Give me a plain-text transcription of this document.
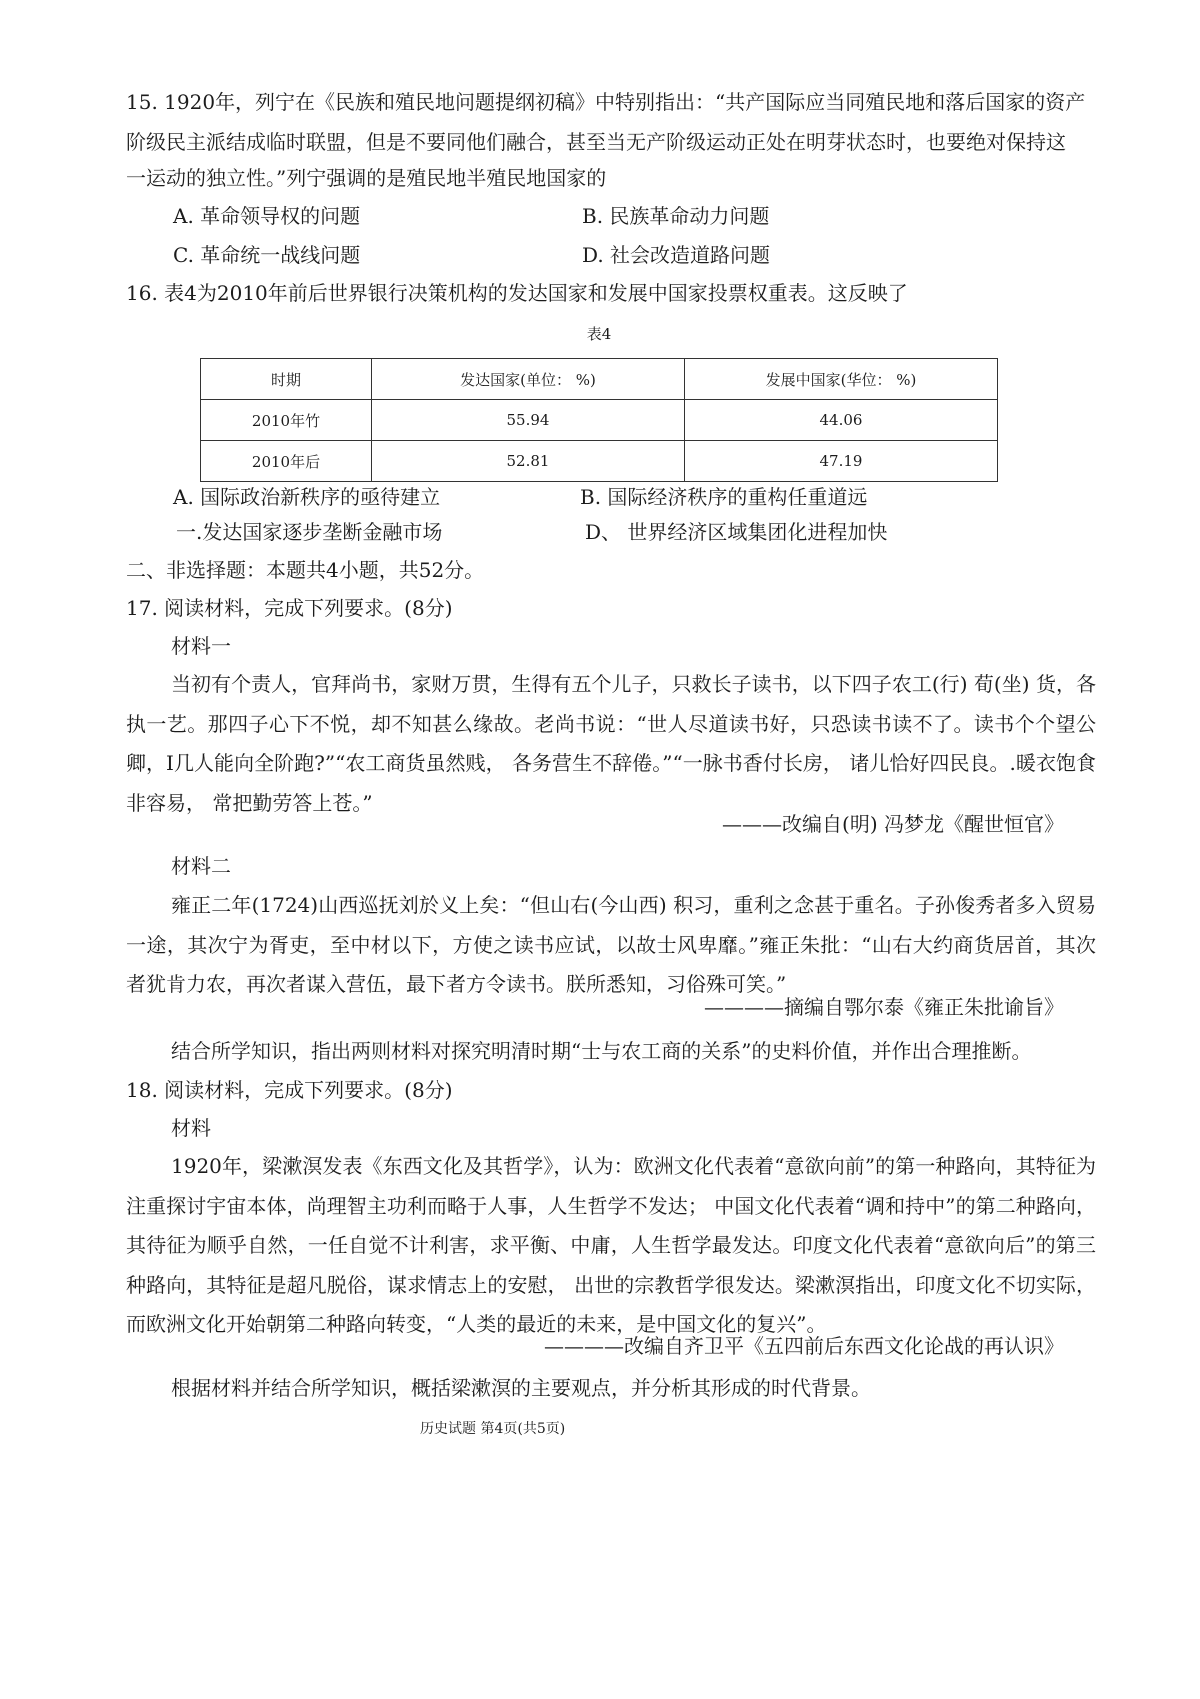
15. 1920年，列宁在《民族和殖民地问题提纲初稿》中特别指出：“共产国际应当同殖民地和落后国家的资产
阶级民主派结成临时联盟，但是不要同他们融合，甚至当无产阶级运动正处在明芽状态时，也要绝对保持这
一运动的独立性。”列宁强调的是殖民地半殖民地国家的
A. 革命领导权的问题	B. 民族革命动力问题
C. 革命统一战线问题	D. 社会改造道路问题
16. 表4为2010年前后世界银行决策机构的发达国家和发展中国家投票权重表。这反映了
表4
时期	发达国家(单位： %)	发展中国家(华位： %)
2010年竹	55.94	44.06
2010年后	52.81	47.19
A. 国际政治新秩序的亟待建立	B. 国际经济秩序的重构任重道远
一.发达国家逐步垄断金融市场	D、 世界经济区域集团化进程加快
二、非选择题：本题共4小题，共52分。
17. 阅读材料，完成下列要求。(8分)
材料一
当初有个责人，官拜尚书，家财万贯，生得有五个儿子，只救长子读书，以下四子农工(行) 荀(坐) 货，各执一艺。那四子心下不悦，却不知甚么缘故。老尚书说：“世人尽道读书好，只恐读书读不了。读书个个望公卿，I几人能向全阶跑?”“农工商货虽然贱， 各务营生不辞倦。”“一脉书香付长房， 诸儿恰好四民良。.暖衣饱食非容易， 常把勤劳答上苍。”
———改编自(明) 冯梦龙《醒世恒官》
材料二
雍正二年(1724)山西巡抚刘於义上矣：“但山右(今山西) 积习，重利之念甚于重名。子孙俊秀者多入贸易一途，其次宁为胥吏，至中材以下，方使之读书应试，以故士风卑靡。”雍正朱批：“山右大约商货居首，其次者犹肯力农，再次者谋入营伍，最下者方令读书。朕所悉知，习俗殊可笑。”
————摘编自鄂尔泰《雍正朱批谕旨》
结合所学知识，指出两则材料对探究明清时期“士与农工商的关系”的史料价值，并作出合理推断。
18. 阅读材料，完成下列要求。(8分)
材料
1920年，梁漱溟发表《东西文化及其哲学》，认为：欧洲文化代表着“意欲向前”的第一种路向，其特征为注重探讨宇宙本体，尚理智主功利而略于人事，人生哲学不发达； 中国文化代表着“调和持中”的第二种路向，其待征为顺乎自然，一任自觉不计利害，求平衡、中庸，人生哲学最发达。印度文化代表着“意欲向后”的第三种路向，其特征是超凡脱俗，谋求情志上的安慰， 出世的宗教哲学很发达。梁漱溟指出，印度文化不切实际，而欧洲文化开始朝第二种路向转变，“人类的最近的未来，是中国文化的复兴”。
————改编自齐卫平《五四前后东西文化论战的再认识》
根据材料并结合所学知识，概括梁漱溟的主要观点，并分析其形成的时代背景。
历史试题 第4页(共5页)
